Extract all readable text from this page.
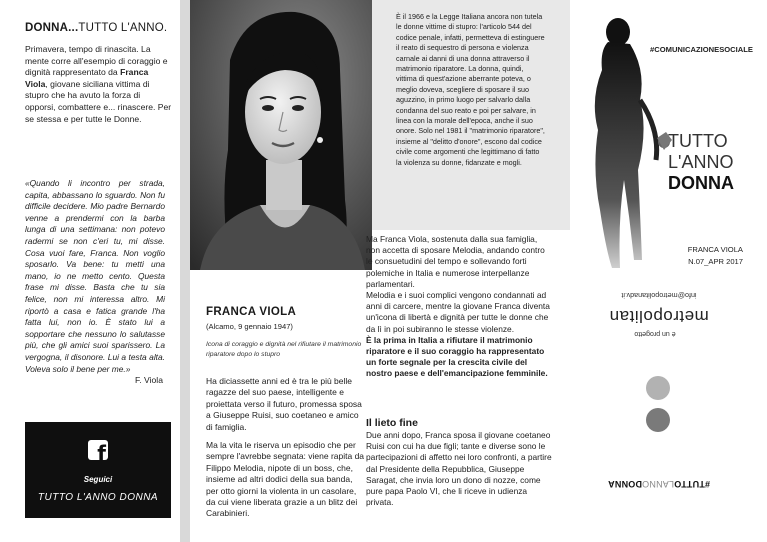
DONNA...TUTTO L'ANNO.

Primavera, tempo di rinascita. La mente corre all'esempio di coraggio e dignità rappresentato da Franca Viola, giovane siciliana vittima di stupro che ha avuto la forza di opporsi, combattere e... rinascere. Per se stessa e per tutte le Donne.

«Quando li incontro per strada, capita, abbassano lo sguardo. Non fu difficile decidere. Mio padre Bernardo venne a prendermi con la barba lunga di una settimana: non potevo radermi se non c'eri tu, mi disse. Cosa vuoi fare, Franca. Non voglio sposarlo. Va bene: tu metti una mano, io ne metto cento. Questa frase mi disse. Basta che tu sia felice, non mi interessa altro. Mi riportò a casa e fatica grande l'ha fatta lui, non io. È stato lui a sopportare che nessuno lo salutasse più, che gli amici suoi sparissero. La vergogna, il disonore. Lui a testa alta. Voleva solo il bene per me.»

F. Viola
f
Seguici
TUTTO L'ANNO DONNA
FRANCA VIOLA
(Alcamo, 9 gennaio 1947)

Icona di coraggio e dignità nel rifiutare il matrimonio riparatore dopo lo stupro

Ha diciassette anni ed è tra le più belle ragazze del suo paese, intelligente e proiettata verso il futuro, promessa sposa a Giuseppe Ruisi, suo coetaneo e amico di famiglia.

Ma la vita le riserva un episodio che per sempre l'avrebbe segnata: viene rapita da Filippo Melodia, nipote di un boss, che, insieme ad altri dodici della sua banda, per otto giorni la violenta in un casolare, da cui viene liberata grazie a un blitz dei Carabinieri.

È il 1966 e la Legge Italiana ancora non tutela le donne vittime di stupro: l'articolo 544 del codice penale, infatti, permetteva di estinguere il reato di sequestro di persona e violenza carnale ai danni di una donna attraverso il matrimonio riparatore. La donna, quindi, vittima di quest'azione aberrante poteva, o meglio doveva, scegliere di sposare il suo aguzzino, in primo luogo per salvarlo dalla condanna del suo reato e poi per salvare, in linea con la morale dell'epoca, anche il suo onore. Solo nel 1981 il "matrimonio riparatore", insieme al "delitto d'onore", escono dal codice civile come argomenti che legittimano di fatto la violenza su donne, fidanzate e mogli.

Ma Franca Viola, sostenuta dalla sua famiglia, non accetta di sposare Melodia, andando contro le consuetudini del tempo e sollevando forti polemiche in Italia e numerose interpellanze parlamentari.

Melodia e i suoi complici vengono condannati ad anni di carcere, mentre la giovane Franca diventa un'icona di libertà e dignità per tutte le donne che da lì in poi subiranno le stesse violenze.

È la prima in Italia a rifiutare il matrimonio riparatore e il suo coraggio ha rappresentato un forte segnale per la crescita civile del nostro paese e dell'emancipazione femminile.

Il lieto fine

Due anni dopo, Franca sposa il giovane coetaneo Ruisi con cui ha due figli; tante e diverse sono le partecipazioni di affetto nei loro confronti, a partire dal Presidente della Repubblica, Giuseppe Saragat, che invia loro un dono di nozze, come pure papa Paolo VI, che li riceve in udienza privata.

#COMUNICAZIONESOCIALE
TUTTO
L'ANNO
DONNA
FRANCA VIOLA
N.07_APR 2017
è un progetto
metropolitan
info@metropolitanadv.it
#TUTTOLANNODONNA
